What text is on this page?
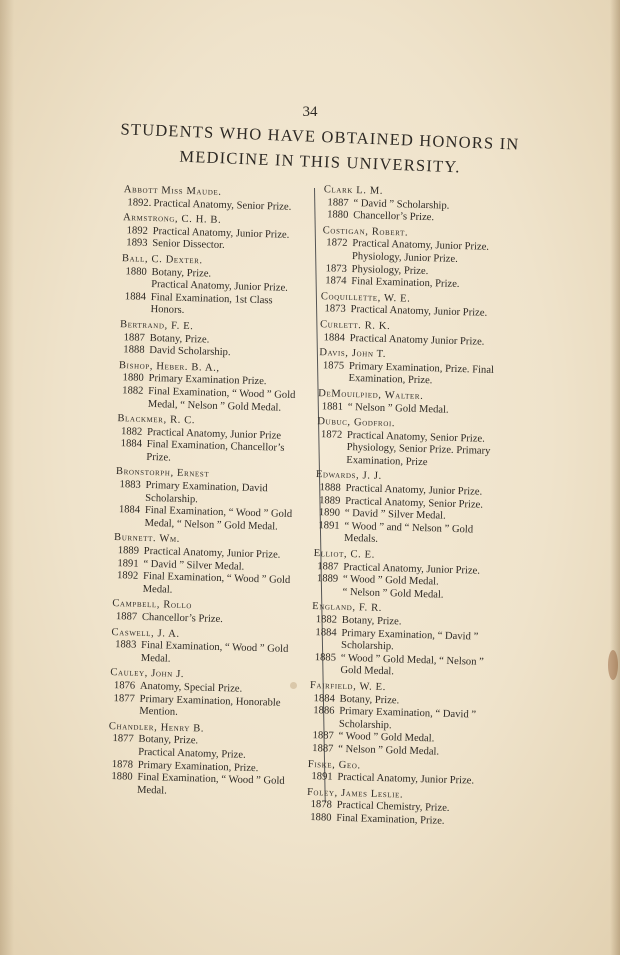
34
STUDENTS WHO HAVE OBTAINED HONORS IN
MEDICINE IN THIS UNIVERSITY.
Abbott Miss Maude.
1892. Practical Anatomy, Senior Prize.
Armstrong, C. H. B.
1892 Practical Anatomy, Junior Prize.
1893 Senior Dissector.
Ball, C. Dexter.
1880 Botany, Prize.
Practical Anatomy, Junior Prize.
1884 Final Examination, 1st Class Honors.
Bertrand, F. E.
1887 Botany, Prize.
1888 David Scholarship.
Bishop, Heber. B. A.,
1880 Primary Examination Prize.
1882 Final Examination, “ Wood ” Gold Medal, “ Nelson ” Gold Medal.
Blackmer, R. C.
1882 Practical Anatomy, Junior Prize
1884 Final Examination, Chancellor’s Prize.
Bronstorph, Ernest
1883 Primary Examination, David Scholarship.
1884 Final Examination, “ Wood ” Gold Medal, “ Nelson ” Gold Medal.
Burnett. Wm.
1889 Practical Anatomy, Junior Prize.
1891 “ David ” Silver Medal.
1892 Final Examination, “ Wood ” Gold Medal.
Campbell, Rollo
1887 Chancellor’s Prize.
Caswell, J. A.
1883 Final Examination, “ Wood ” Gold Medal.
Cauley, John J.
1876 Anatomy, Special Prize.
1877 Primary Examination, Honorable Mention.
Chandler, Henry B.
1877 Botany, Prize.
Practical Anatomy, Prize.
1878 Primary Examination, Prize.
1880 Final Examination, “ Wood ” Gold Medal.
Clark L. M.
1887 “ David ” Scholarship.
1880 Chancellor’s Prize.
Costigan, Robert.
1872 Practical Anatomy, Junior Prize. Physiology, Junior Prize.
1873 Physiology, Prize.
1874 Final Examination, Prize.
Coquillette, W. E.
1873 Practical Anatomy, Junior Prize.
Curlett. R. K.
1884 Practical Anatomy Junior Prize.
Davis, John T.
1875 Primary Examination, Prize. Final Examination, Prize.
DeMouilpied, Walter.
1881 “ Nelson ” Gold Medal.
Dubuc, Godfroi.
1872 Practical Anatomy, Senior Prize. Physiology, Senior Prize. Primary Examination, Prize
Edwards, J. J.
1888 Practical Anatomy, Junior Prize.
1889 Practical Anatomy, Senior Prize.
1890 “ David ” Silver Medal.
1891 “ Wood ” and “ Nelson ” Gold Medals.
Elliot, C. E.
1887 Practical Anatomy, Junior Prize.
1889 “ Wood ” Gold Medal.
“ Nelson ” Gold Medal.
England, F. R.
1882 Botany, Prize.
1884 Primary Examination, “ David ” Scholarship.
1885 “ Wood ” Gold Medal, “ Nelson ” Gold Medal.
Fairfield, W. E.
1884 Botany, Prize.
1886 Primary Examination, “ David ” Scholarship.
1887 “ Wood ” Gold Medal.
1887 “ Nelson ” Gold Medal.
Fiske, Geo.
1891 Practical Anatomy, Junior Prize.
Foley, James Leslie.
1878 Practical Chemistry, Prize.
1880 Final Examination, Prize.
